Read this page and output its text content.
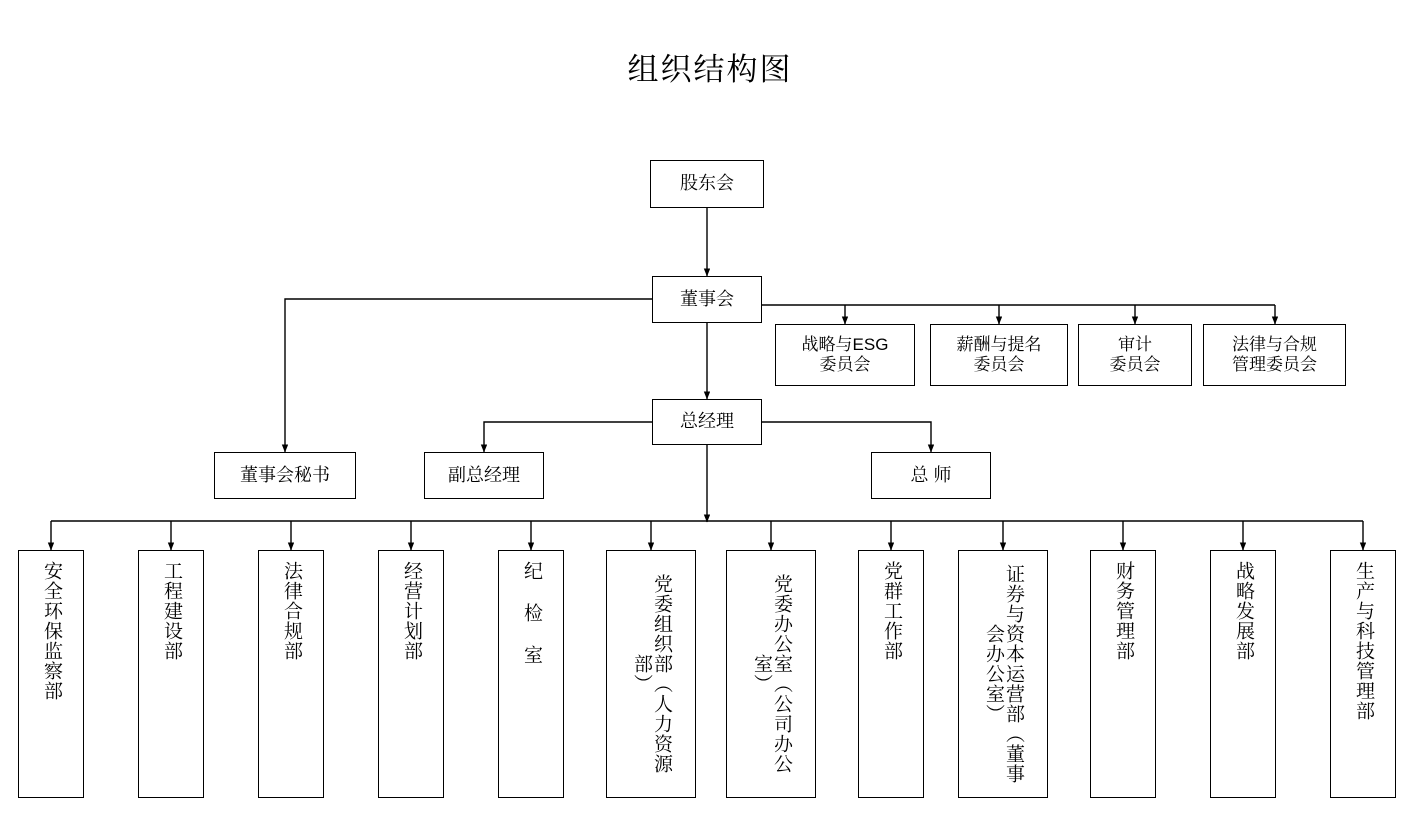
组织结构图
股东会
董事会
总经理
董事会秘书	副总经理	总 师
战略与ESG
委员会
薪酬与提名
委员会
审计
委员会
法律与合规
管理委员会
安全环保监察部	工程建设部	法律合规部	经营计划部	纪 检 室	党委组织部（人力资源部）	党委办公室（公司办公室）
党群工作部	证券与资本运营部（董事会办公室）
财务管理部	战略发展部	生产与科技管理部
